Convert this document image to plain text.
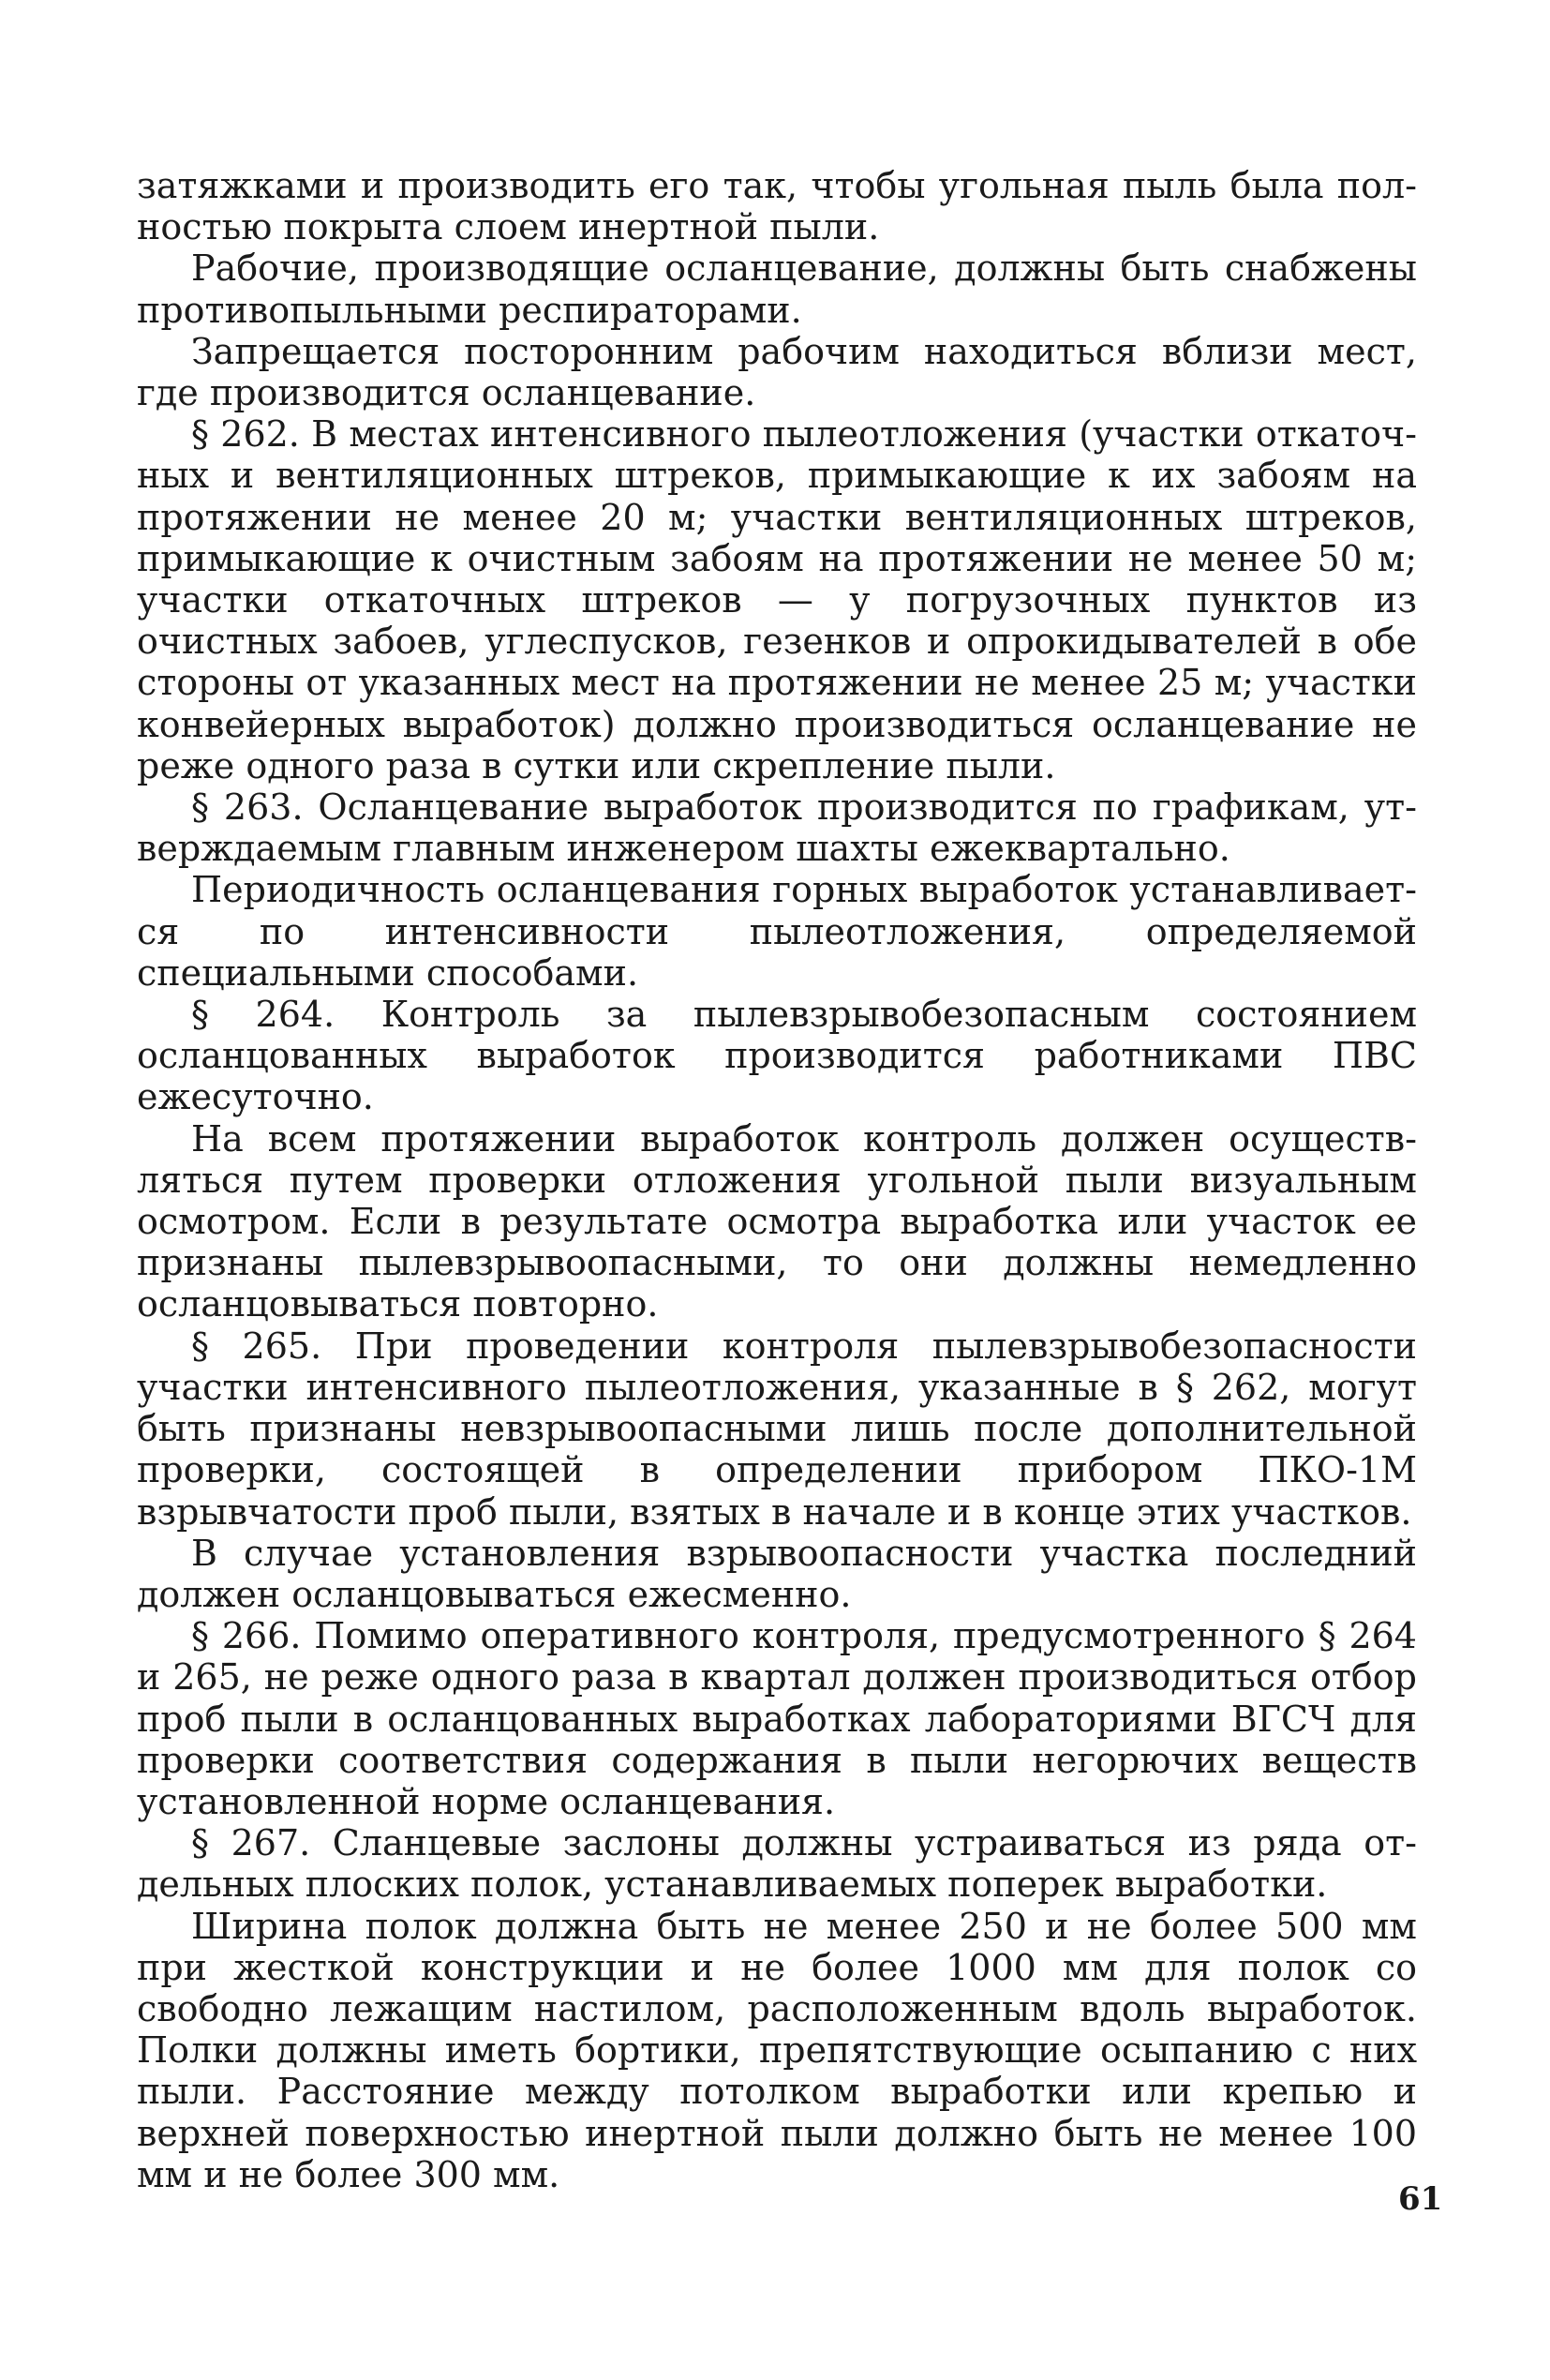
затяжками и производить его так, чтобы угольная пыль была полностью покрыта слоем инертной пыли.

Рабочие, производящие осланцевание, должны быть снабжены противопыльными респираторами.

Запрещается посторонним рабочим находиться вблизи мест, где производится осланцевание.

§ 262. В местах интенсивного пылеотложения (участки откаточных и вентиляционных штреков, примыкающие к их забоям на протяжении не менее 20 м; участки вентиляционных штреков, примыкающие к очистным забоям на протяжении не менее 50 м; участки откаточных штреков — у погрузочных пунктов из очистных забоев, углеспусков, гезенков и опрокидывателей в обе стороны от указанных мест на протяжении не менее 25 м; участки конвейерных выработок) должно производиться осланцевание не реже одного раза в сутки или скрепление пыли.

§ 263. Осланцевание выработок производится по графикам, утверждаемым главным инженером шахты ежеквартально.

Периодичность осланцевания горных выработок устанавливается по интенсивности пылеотложения, определяемой специальными способами.

§ 264. Контроль за пылевзрывобезопасным состоянием осланцованных выработок производится работниками ПВС ежесуточно.

На всем протяжении выработок контроль должен осуществляться путем проверки отложения угольной пыли визуальным осмотром. Если в результате осмотра выработка или участок ее признаны пылевзрывоопасными, то они должны немедленно осланцовываться повторно.

§ 265. При проведении контроля пылевзрывобезопасности участки интенсивного пылеотложения, указанные в § 262, могут быть признаны невзрывоопасными лишь после дополнительной проверки, состоящей в определении прибором ПКО-1М взрывчатости проб пыли, взятых в начале и в конце этих участков.

В случае установления взрывоопасности участка последний должен осланцовываться ежесменно.

§ 266. Помимо оперативного контроля, предусмотренного § 264 и 265, не реже одного раза в квартал должен производиться отбор проб пыли в осланцованных выработках лабораториями ВГСЧ для проверки соответствия содержания в пыли негорючих веществ установленной норме осланцевания.

§ 267. Сланцевые заслоны должны устраиваться из ряда отдельных плоских полок, устанавливаемых поперек выработки.

Ширина полок должна быть не менее 250 и не более 500 мм при жесткой конструкции и не более 1000 мм для полок со свободно лежащим настилом, расположенным вдоль выработок. Полки должны иметь бортики, препятствующие осыпанию с них пыли. Расстояние между потолком выработки или крепью и верхней поверхностью инертной пыли должно быть не менее 100 мм и не более 300 мм.

61
